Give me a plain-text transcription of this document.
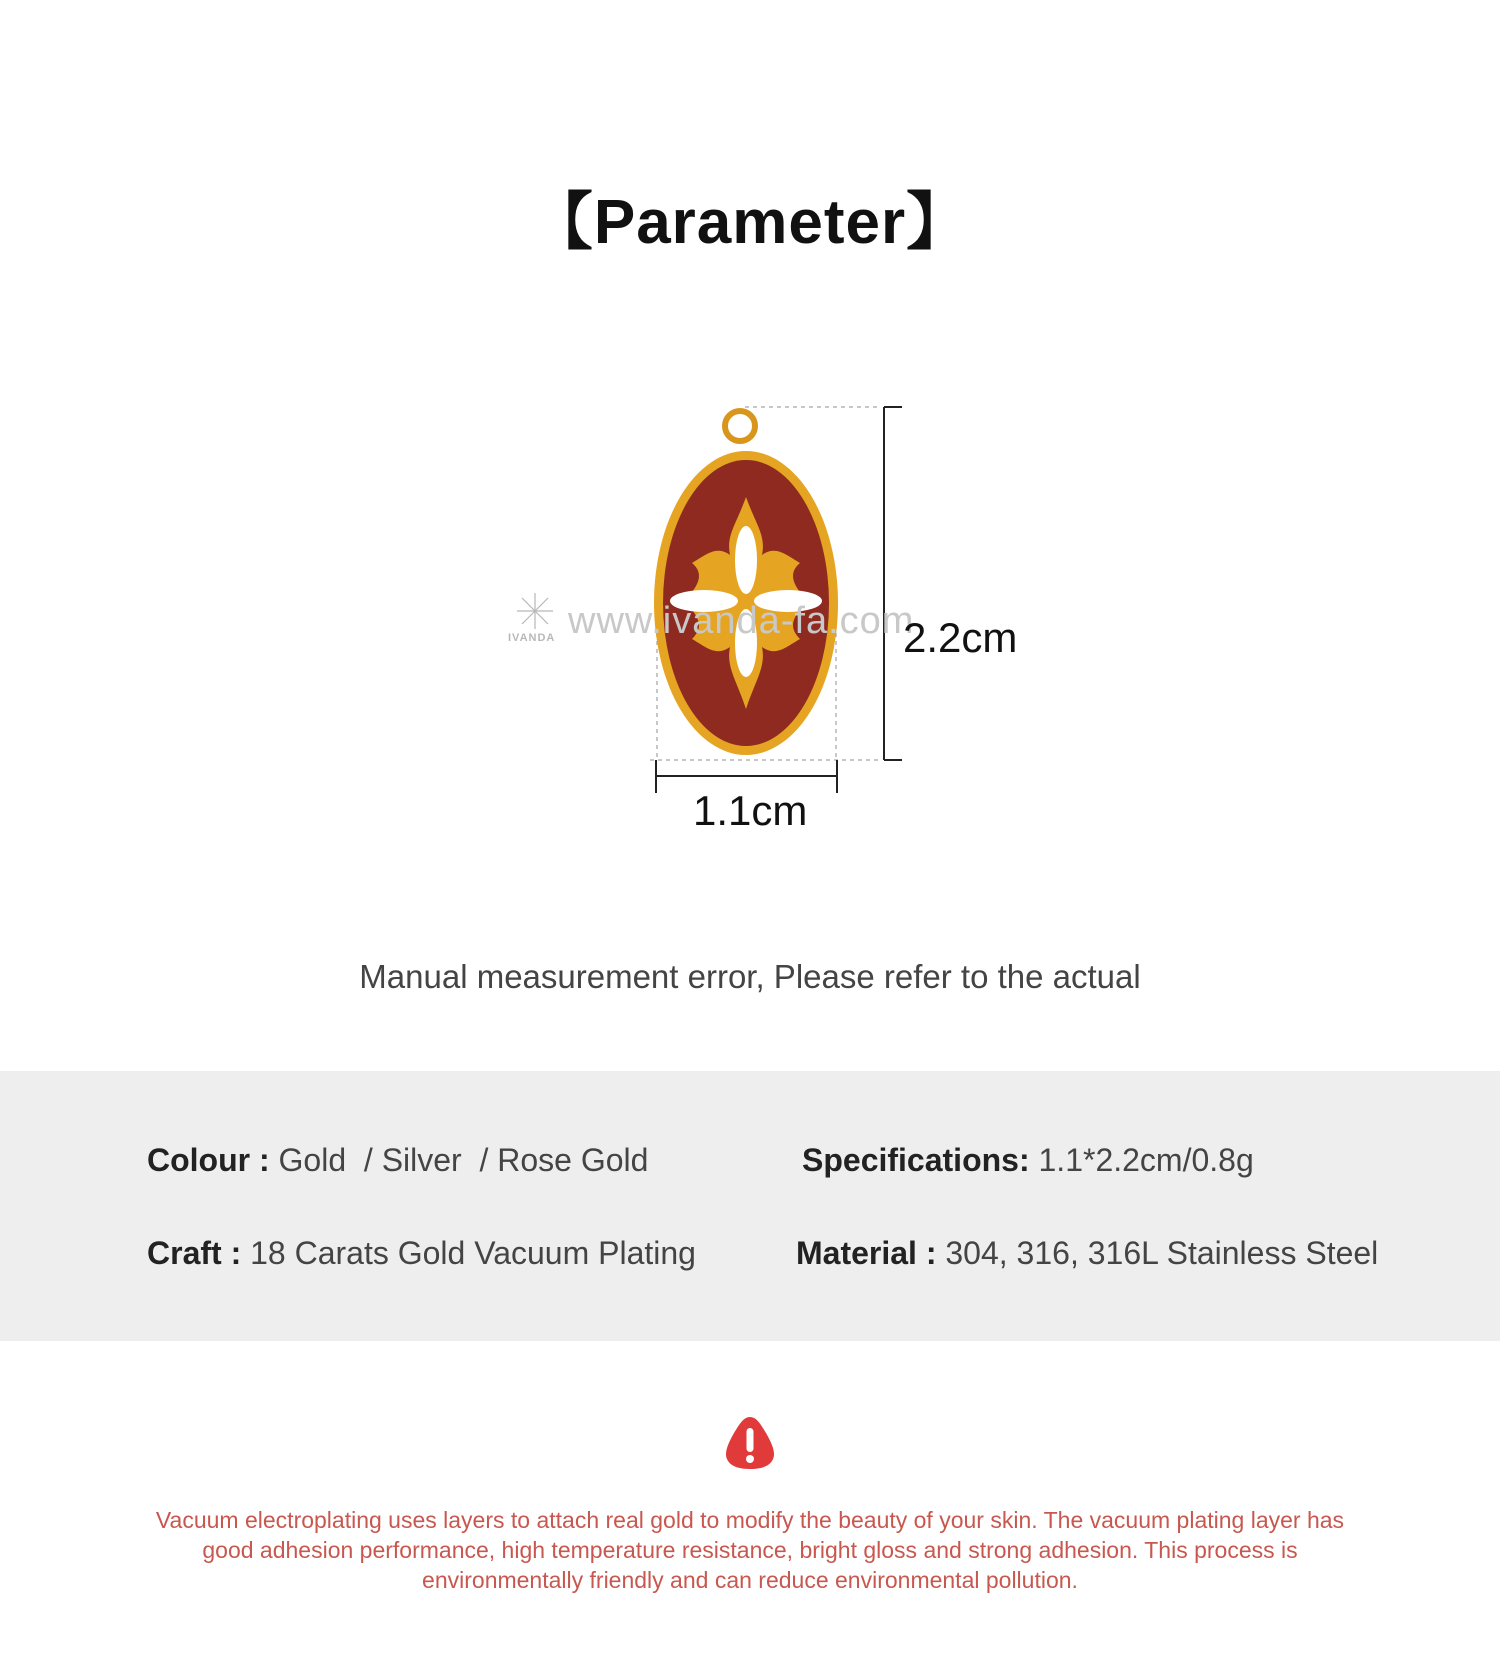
【Parameter】
www.ivanda-fa.com
IVANDA	2.2cm
1.1cm
Manual measurement error, Please refer to the actual
Colour : Gold  / Silver  / Rose Gold	Specifications: 1.1*2.2cm/0.8g
Craft : 18 Carats Gold Vacuum Plating	Material : 304, 316, 316L Stainless Steel

Vacuum electroplating uses layers to attach real gold to modify the beauty of your skin. The vacuum plating layer has good adhesion performance, high temperature resistance, bright gloss and strong adhesion. This process is environmentally friendly and can reduce environmental pollution.
